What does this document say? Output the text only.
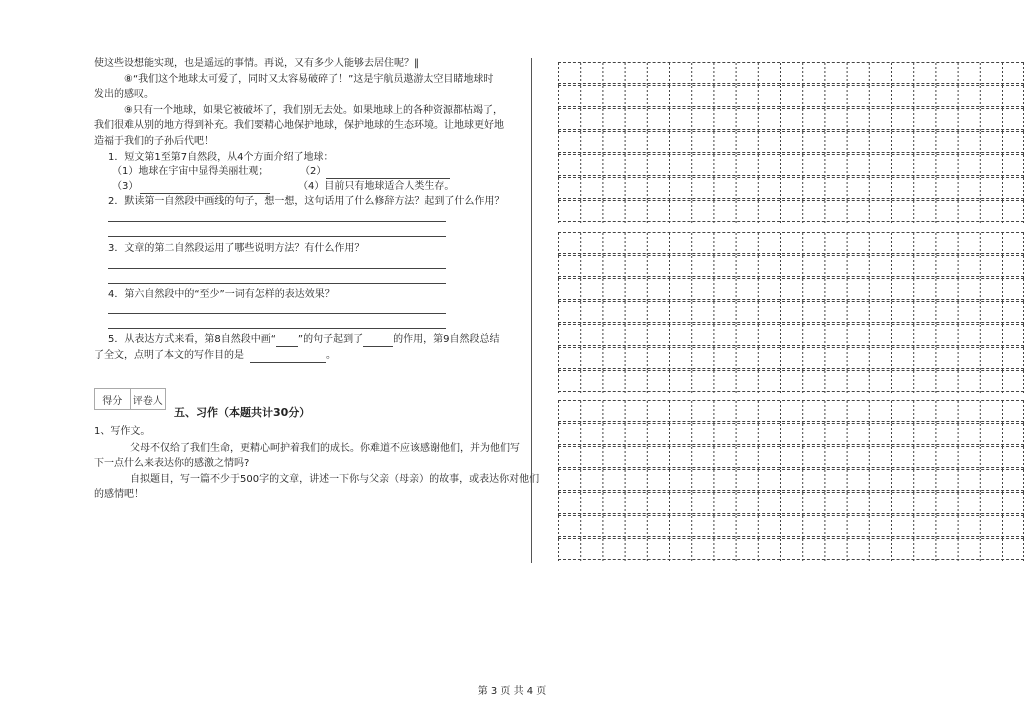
使这些设想能实现，也是遥远的事情。再说，又有多少人能够去居住呢？‖
⑧“我们这个地球太可爱了，同时又太容易破碎了！”这是宇航员遨游太空目睹地球时
发出的感叹。
⑨只有一个地球，如果它被破坏了，我们别无去处。如果地球上的各种资源都枯竭了，
我们很难从别的地方得到补充。我们要精心地保护地球，保护地球的生态环境。让地球更好地
造福于我们的子孙后代吧！
1．短文第1至第7自然段，从4个方面介绍了地球：
（1）地球在宇宙中显得美丽壮观；	（2）
（3）	（4）目前只有地球适合人类生存。
2．默读第一自然段中画线的句子，想一想，这句话用了什么修辞方法？起到了什么作用？
3．文章的第二自然段运用了哪些说明方法？有什么作用？
4．第六自然段中的“至少”一词有怎样的表达效果？
5．从表达方式来看，第8自然段中画“ ”的句子起到了	的作用，第9自然段总结
了全文，点明了本文的写作目的是	。
得分	评卷人
五、习作（本题共计30分）
1、写作文。
父母不仅给了我们生命，更精心呵护着我们的成长。你难道不应该感谢他们，并为他们写
下一点什么来表达你的感激之情吗?
自拟题目，写一篇不少于500字的文章，讲述一下你与父亲（母亲）的故事，或表达你对他们
的感情吧！
第 3 页 共 4 页
